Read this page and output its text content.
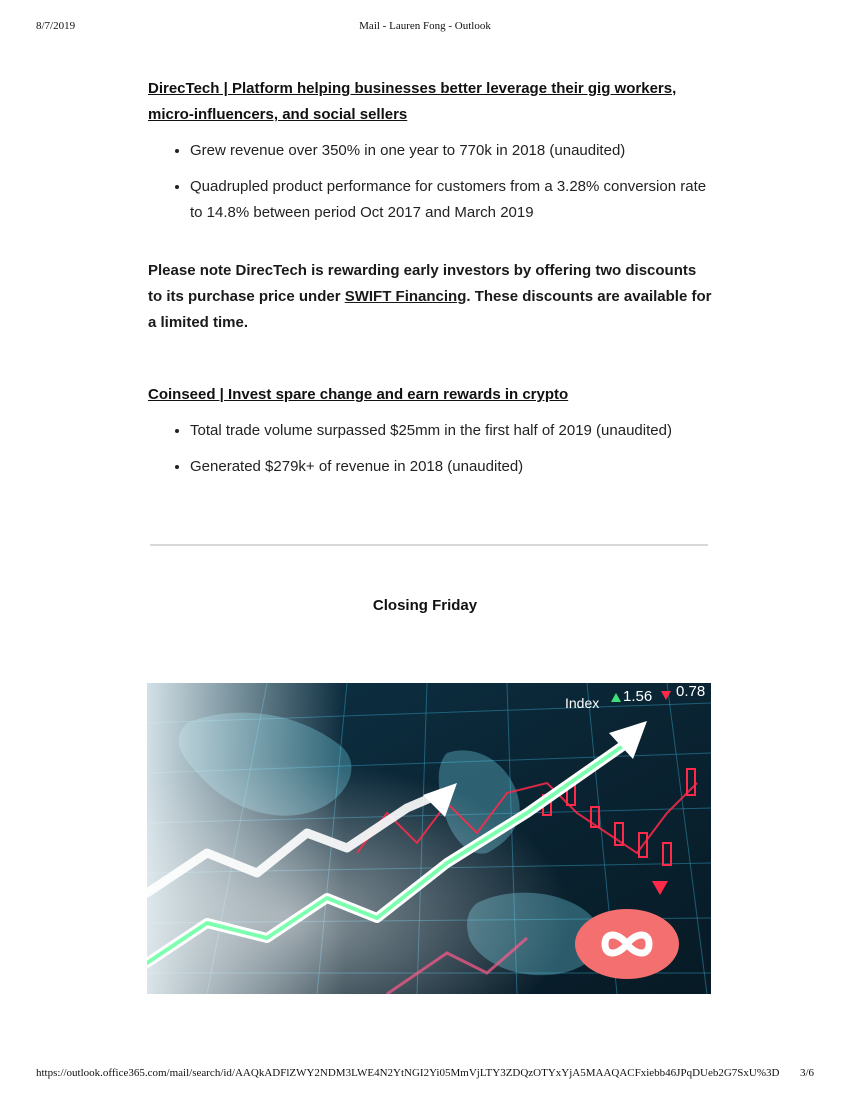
8/7/2019	Mail - Lauren Fong - Outlook
DirecTech | Platform helping businesses better leverage their gig workers, micro-influencers, and social sellers
• Grew revenue over 350% in one year to 770k in 2018 (unaudited)
• Quadrupled product performance for customers from a 3.28% conversion rate to 14.8% between period Oct 2017 and March 2019
Please note DirecTech is rewarding early investors by offering two discounts to its purchase price under SWIFT Financing. These discounts are available for a limited time.
Coinseed | Invest spare change and earn rewards in crypto
• Total trade volume surpassed $25mm in the first half of 2019 (unaudited)
• Generated $279k+ of revenue in 2018 (unaudited)
Closing Friday
Index 1.56 0.78
https://outlook.office365.com/mail/search/id/AAQkADFlZWY2NDM3LWE4N2YtNGI2Yi05MmVjLTY3ZDQzOTYxYjA5MAAQACFxiebb46JPqDUeb2G7SxU%3D 3/6
